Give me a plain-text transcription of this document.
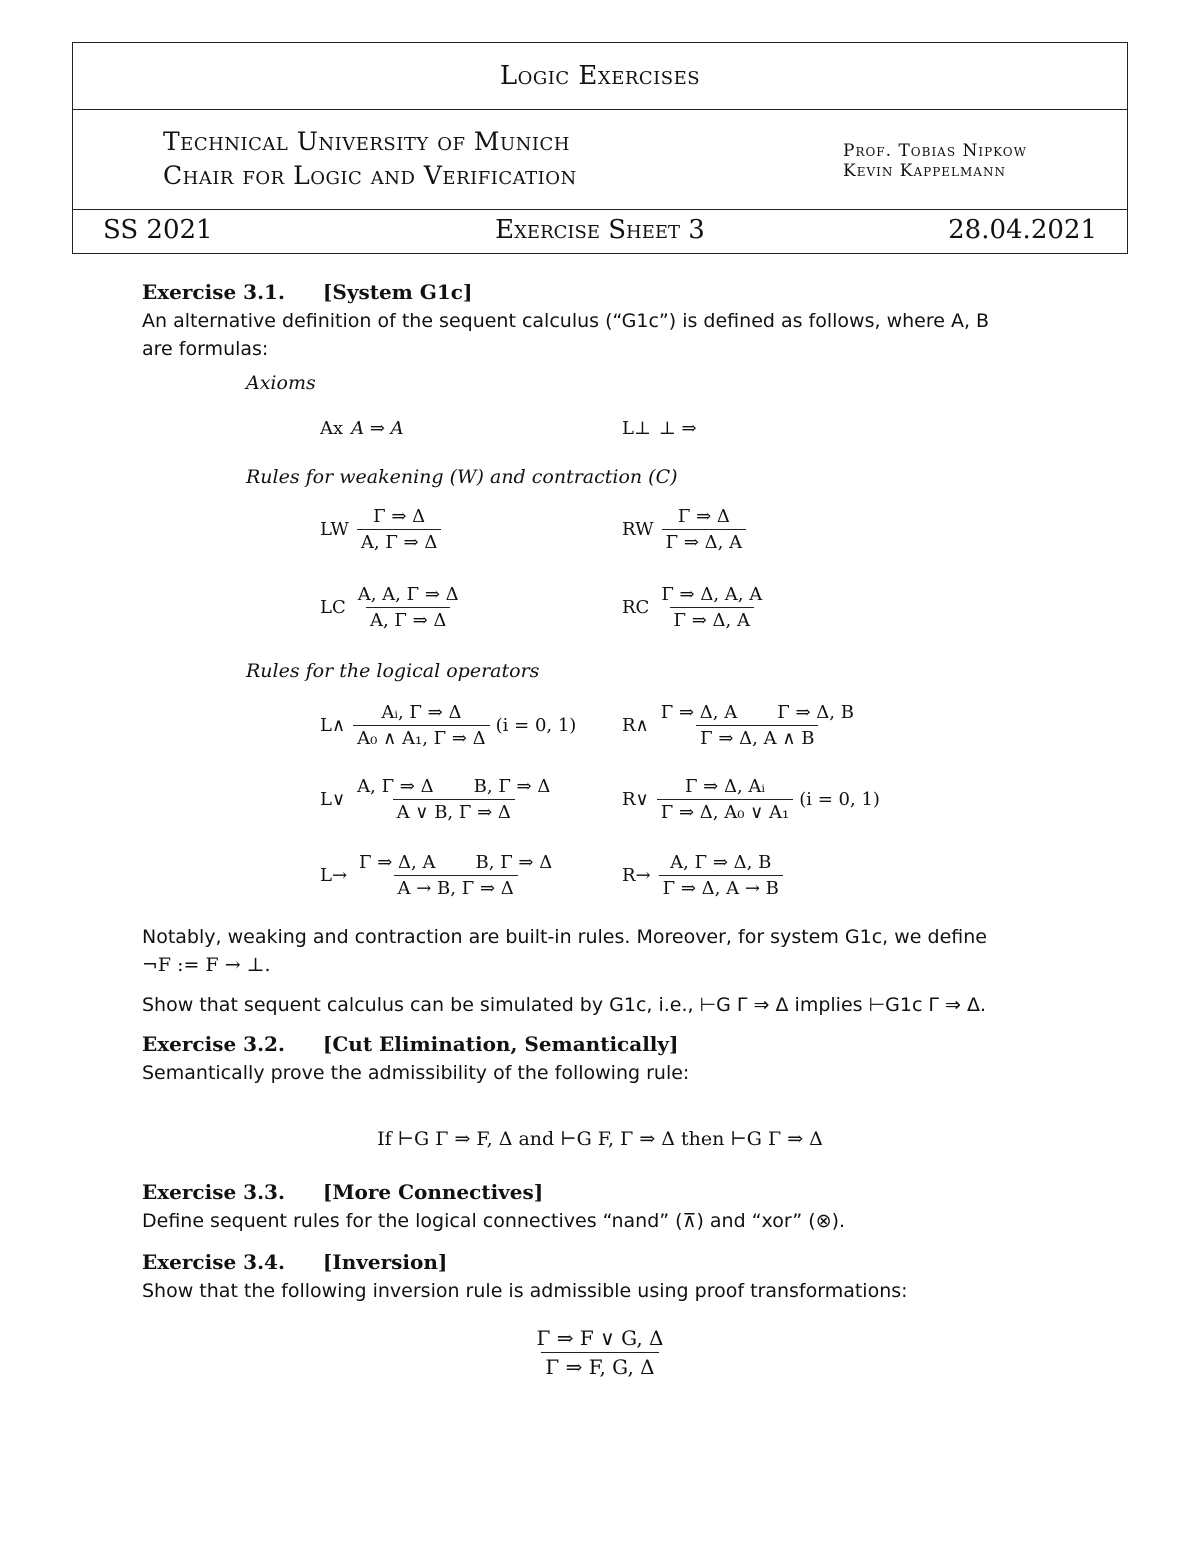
Logic Exercises
Technical University of Munich
Chair for Logic and Verification
Prof. Tobias Nipkow
Kevin Kappelmann
SS 2021	Exercise Sheet 3	28.04.2021
Exercise 3.1. [System G1c]
An alternative definition of the sequent calculus (“G1c”) is defined as follows, where A, B
are formulas:
Axioms
Ax A ⇒ A	L⊥ ⊥ ⇒
Rules for weakening (W) and contraction (C)
LW $\frac{\Gamma \Rightarrow \Delta}{A, \Gamma \Rightarrow \Delta}$	RW $\frac{\Gamma \Rightarrow \Delta}{\Gamma \Rightarrow \Delta, A}$
LC $\frac{A, A, \Gamma \Rightarrow \Delta}{A, \Gamma \Rightarrow \Delta}$	RC $\frac{\Gamma \Rightarrow \Delta, A, A}{\Gamma \Rightarrow \Delta, A}$
Rules for the logical operators
L∧ $\frac{\text{Aᵢ, Γ ⇒ Δ}}{\text{A₀ ∧ A₁, Γ ⇒ Δ}} (i = 0$, 1)	R∧ $\frac{\text{Γ ⇒ Δ, A       Γ ⇒ Δ, B}}{\Gamma \Rightarrow \Delta, A \wedge B}$
L∨ $\frac{\text{A, Γ ⇒ Δ       B, Γ ⇒ Δ}}{A \vee B, \Gamma \Rightarrow \Delta}$	R∨ $\frac{\text{Γ ⇒ Δ, Aᵢ}}{\text{Γ ⇒ Δ, A₀ ∨ A₁}} (i = 0$, 1)
$L\to \frac{\text{Γ ⇒ Δ, A       B, Γ ⇒ Δ}}{A \to B, \Gamma \Rightarrow \Delta}$	$R\to \frac{A, \Gamma \Rightarrow \Delta, B}{\Gamma \Rightarrow \Delta, A \to B}$
Notably, weaking and contraction are built-in rules. Moreover, for system G1c, we define
¬F := F → ⊥.
Show that sequent calculus can be simulated by G1c, i.e., ⊢G Γ ⇒ Δ implies ⊢G1c Γ ⇒ Δ.
Exercise 3.2. [Cut Elimination, Semantically]
Semantically prove the admissibility of the following rule:
If ⊢G Γ ⇒ F, Δ and ⊢G F, Γ ⇒ Δ then ⊢G Γ ⇒ Δ
Exercise 3.3. [More Connectives]
Define sequent rules for the logical connectives “nand” (⊼) and “xor” (⊗).
Exercise 3.4. [Inversion]
Show that the following inversion rule is admissible using proof transformations:
$\frac{\Gamma \Rightarrow F \vee G, \Delta}{\Gamma \Rightarrow F, G, \Delta}$
